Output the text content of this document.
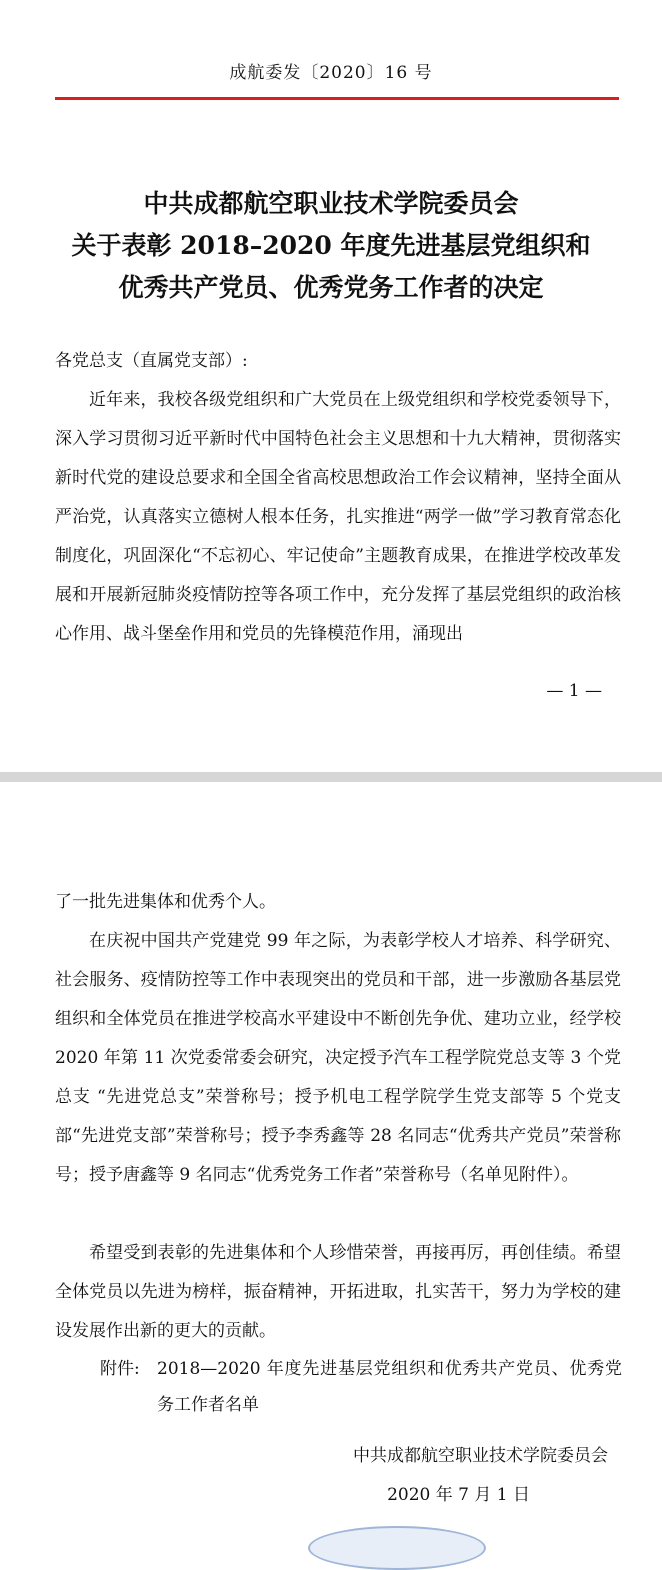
成航委发〔2020〕16 号
中共成都航空职业技术学院委员会
关于表彰 2018–2020 年度先进基层党组织和
优秀共产党员、优秀党务工作者的决定

各党总支（直属党支部）:

近年来，我校各级党组织和广大党员在上级党组织和学校党委领导下，深入学习贯彻习近平新时代中国特色社会主义思想和十九大精神，贯彻落实新时代党的建设总要求和全国全省高校思想政治工作会议精神，坚持全面从严治党，认真落实立德树人根本任务，扎实推进“两学一做”学习教育常态化制度化，巩固深化“不忘初心、牢记使命”主题教育成果，在推进学校改革发展和开展新冠肺炎疫情防控等各项工作中，充分发挥了基层党组织的政治核心作用、战斗堡垒作用和党员的先锋模范作用，涌现出

— 1 —

了一批先进集体和优秀个人。

在庆祝中国共产党建党 99 年之际，为表彰学校人才培养、科学研究、社会服务、疫情防控等工作中表现突出的党员和干部，进一步激励各基层党组织和全体党员在推进学校高水平建设中不断创先争优、建功立业，经学校 2020 年第 11 次党委常委会研究，决定授予汽车工程学院党总支等 3 个党总支 “先进党总支”荣誉称号；授予机电工程学院学生党支部等 5 个党支部“先进党支部”荣誉称号；授予李秀鑫等 28 名同志“优秀共产党员”荣誉称号；授予唐鑫等 9 名同志“优秀党务工作者”荣誉称号（名单见附件）。

希望受到表彰的先进集体和个人珍惜荣誉，再接再厉，再创佳绩。希望全体党员以先进为榜样，振奋精神，开拓进取，扎实苦干，努力为学校的建设发展作出新的更大的贡献。

附件: 2018—2020 年度先进基层党组织和优秀共产党员、优秀党务工作者名单
中共成都航空职业技术学院委员会
2020 年 7 月 1 日
